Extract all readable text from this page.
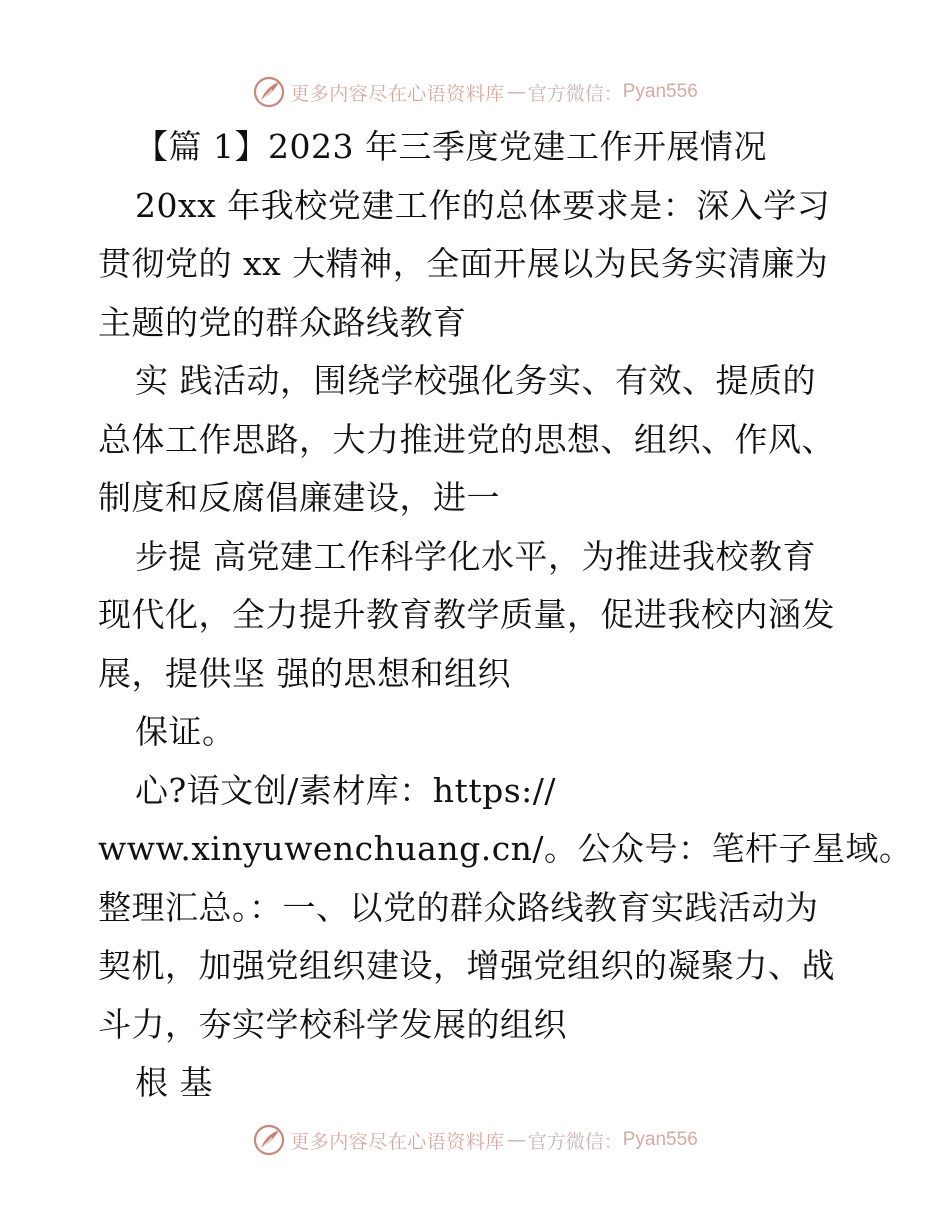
更多内容尽在心语资料库 — 官方微信： Pyan556
【篇 1】2023 年三季度党建工作开展情况
20xx 年我校党建工作的总体要求是：深入学习
贯彻党的 xx 大精神，全面开展以为民务实清廉为
主题的党的群众路线教育
实 践活动，围绕学校强化务实、有效、提质的
总体工作思路，大力推进党的思想、组织、作风、
制度和反腐倡廉建设，进一
步提 高党建工作科学化水平，为推进我校教育
现代化，全力提升教育教学质量，促进我校内涵发
展，提供坚 强的思想和组织
保证。
心?语文创/素材库：https://
www.xinyuwenchuang.cn/。公众号：笔杆子星域。
整理汇总。：一、以党的群众路线教育实践活动为
契机，加强党组织建设，增强党组织的凝聚力、战
斗力，夯实学校科学发展的组织
根 基
更多内容尽在心语资料库 — 官方微信： Pyan556
